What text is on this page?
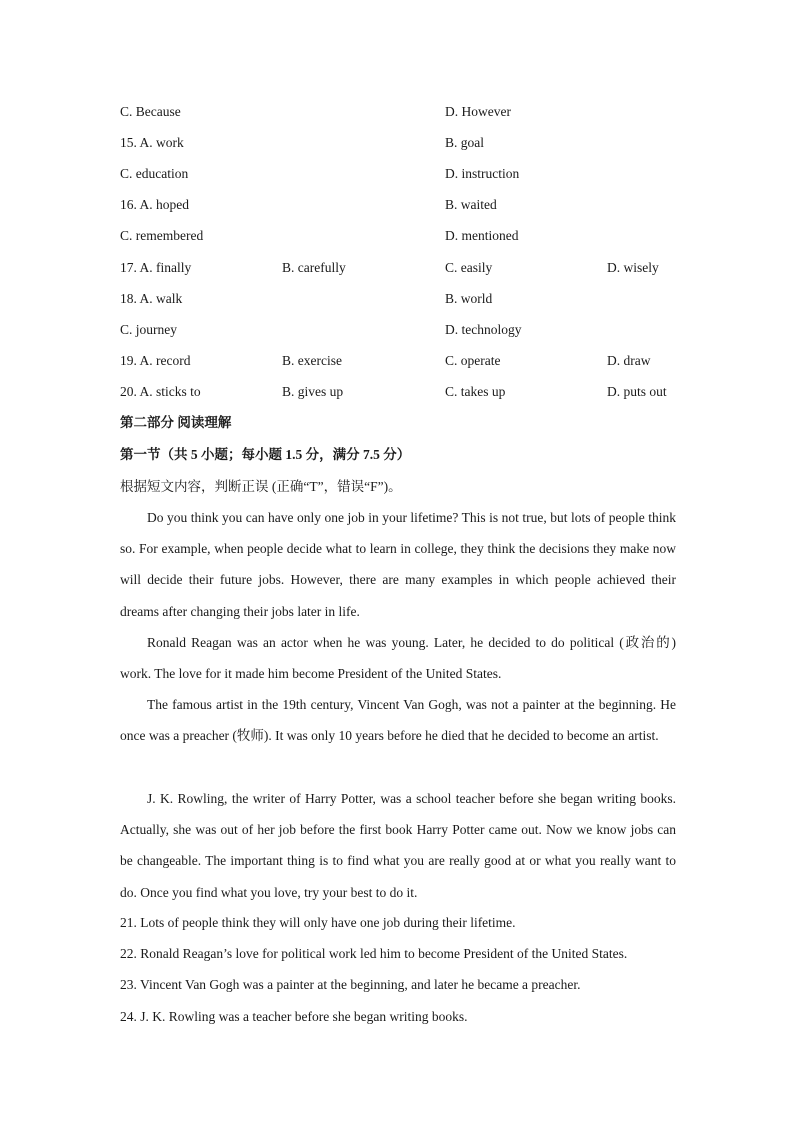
C. Because	D. However
15. A. work	B. goal
C. education	D. instruction
16. A. hoped	B. waited
C. remembered	D. mentioned
17. A. finally	B. carefully	C. easily	D. wisely
18. A. walk	B. world
C. journey	D. technology
19. A. record	B. exercise	C. operate	D. draw
20. A. sticks to	B. gives up	C. takes up	D. puts out
第二部分 阅读理解
第一节（共 5 小题；每小题 1.5 分，满分 7.5 分）
根据短文内容，判断正误 (正确“T”，错误“F”)。
Do you think you can have only one job in your lifetime? This is not true, but lots of people think so. For example, when people decide what to learn in college, they think the decisions they make now will decide their future jobs. However, there are many examples in which people achieved their dreams after changing their jobs later in life.
Ronald Reagan was an actor when he was young. Later, he decided to do political (政治的) work. The love for it made him become President of the United States.
The famous artist in the 19th century, Vincent Van Gogh, was not a painter at the beginning. He once was a preacher (牧师). It was only 10 years before he died that he decided to become an artist.
J. K. Rowling, the writer of Harry Potter, was a school teacher before she began writing books. Actually, she was out of her job before the first book Harry Potter came out. Now we know jobs can be changeable. The important thing is to find what you are really good at or what you really want to do. Once you find what you love, try your best to do it.
21. Lots of people think they will only have one job during their lifetime.
22. Ronald Reagan’s love for political work led him to become President of the United States.
23. Vincent Van Gogh was a painter at the beginning, and later he became a preacher.
24. J. K. Rowling was a teacher before she began writing books.
